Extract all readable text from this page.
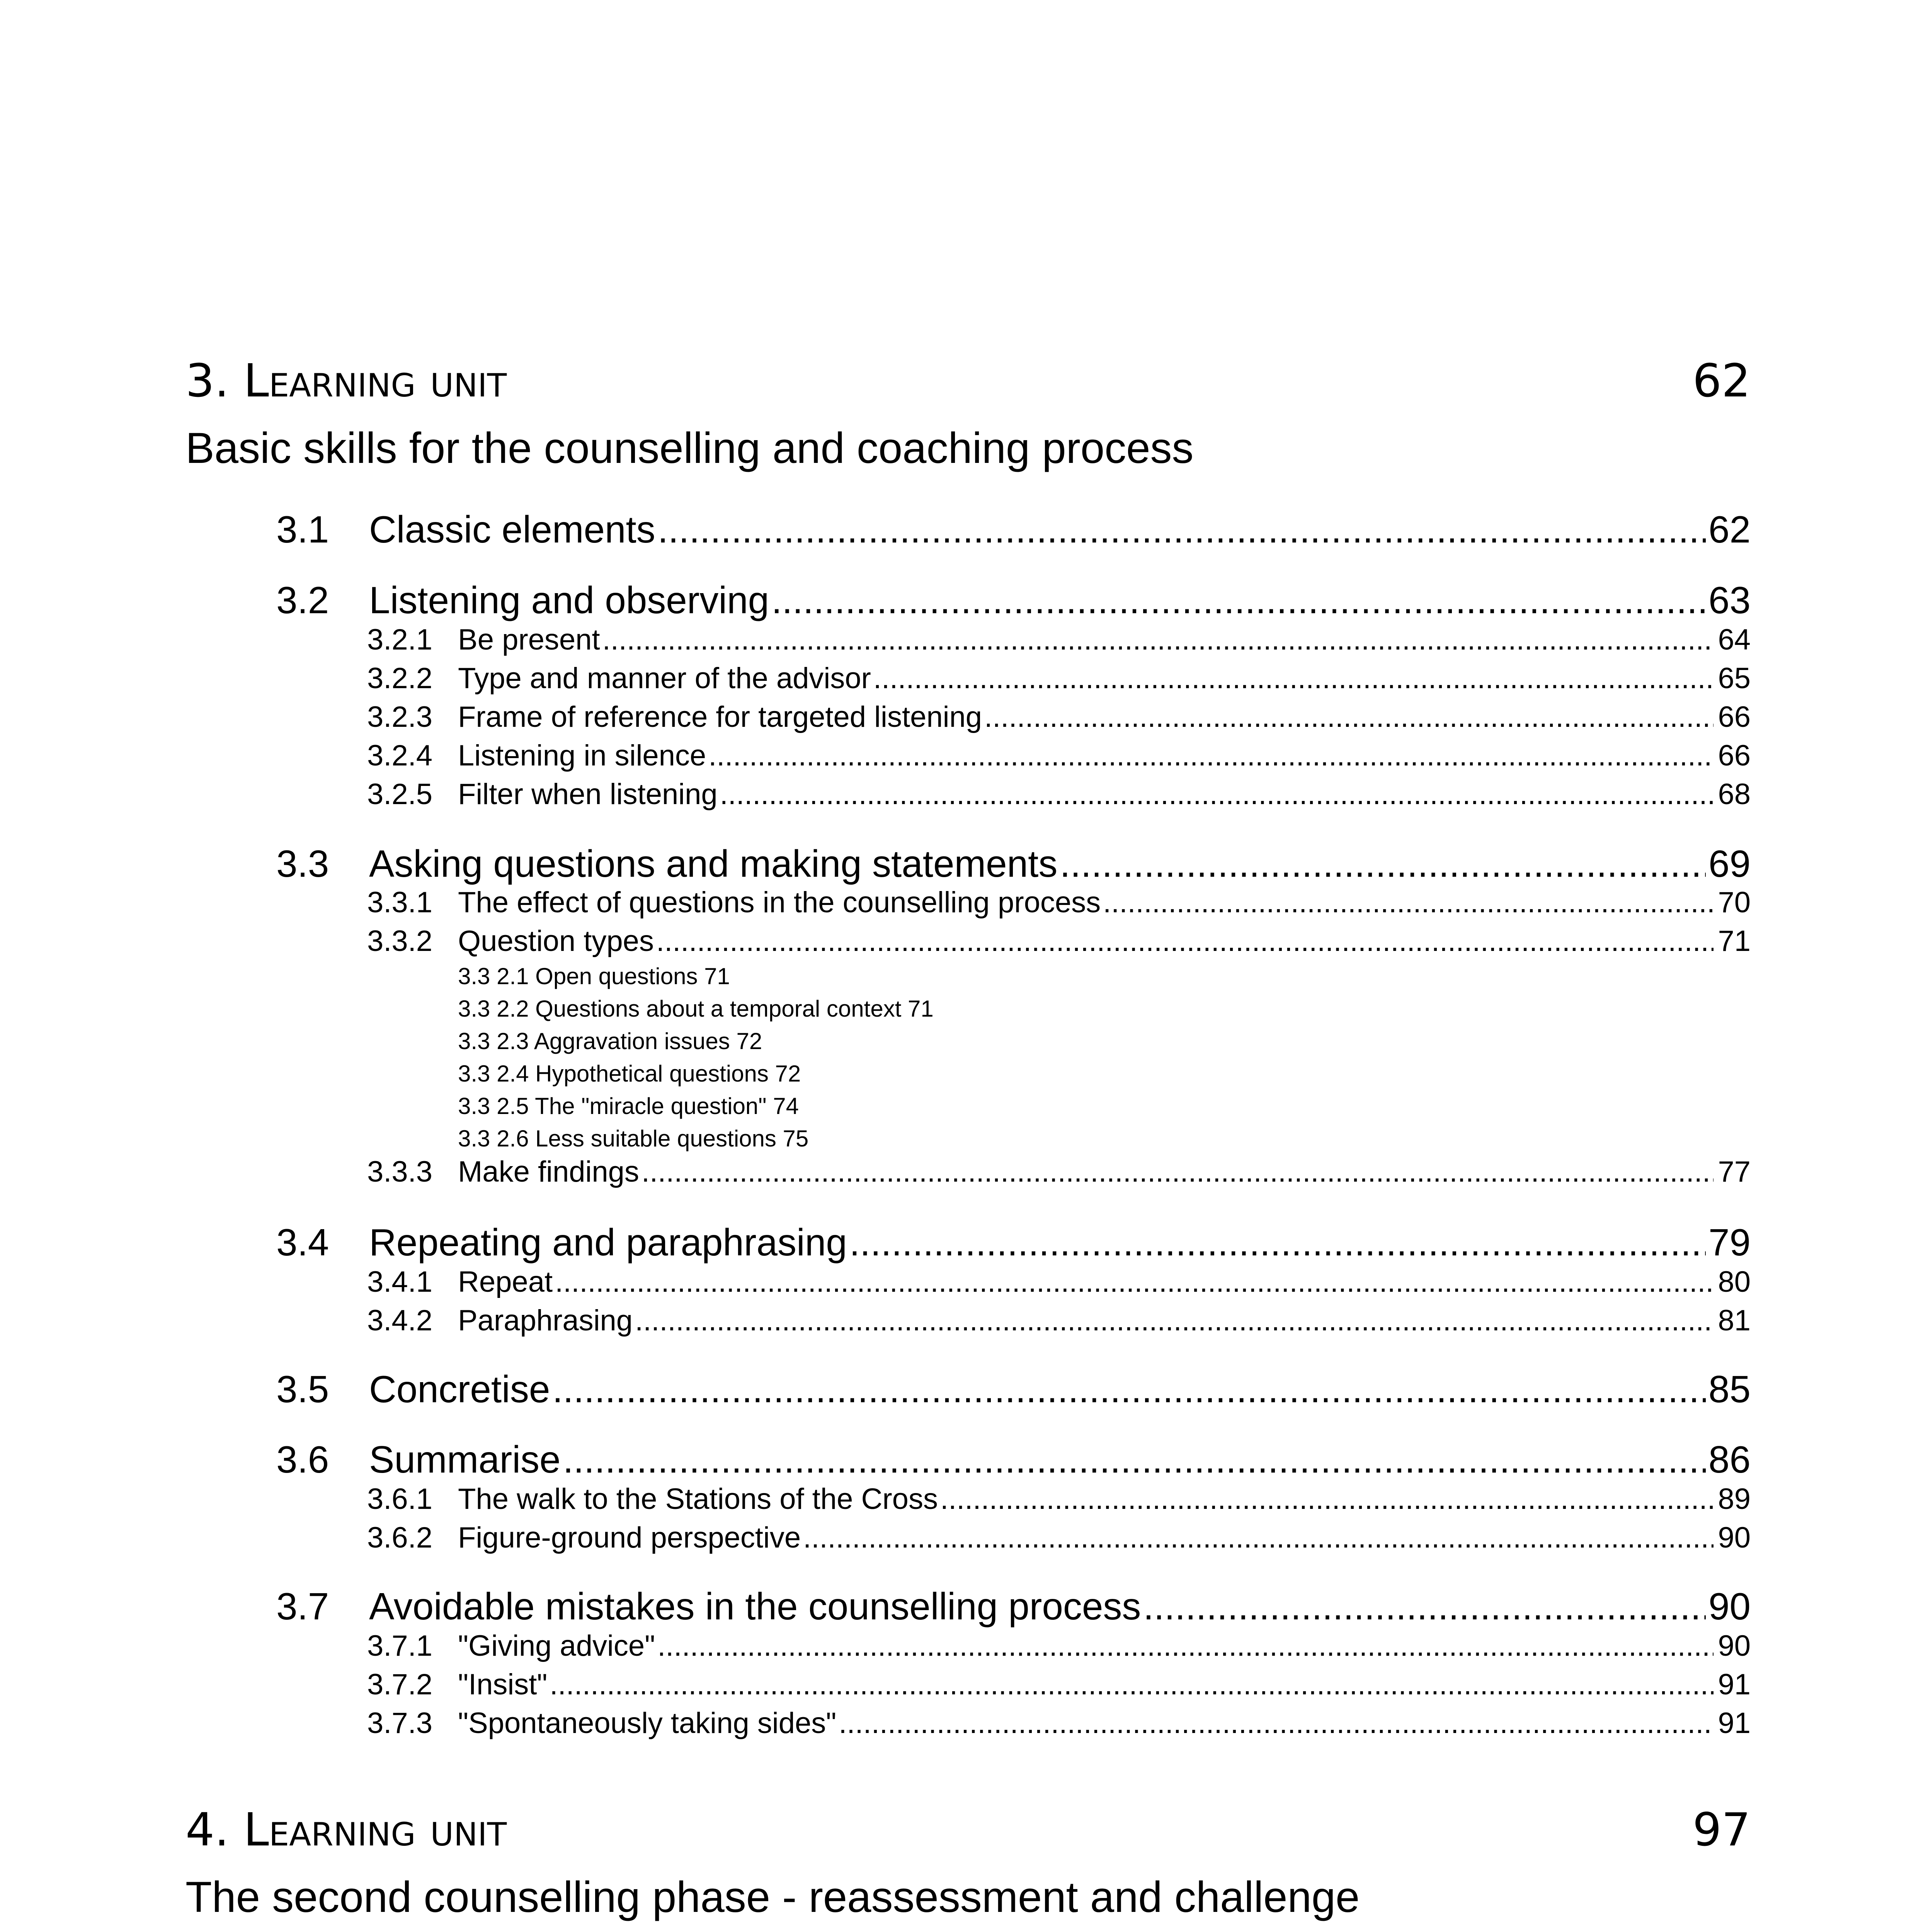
3. Learning unit	62
Basic skills for the counselling and coaching process
3.1	Classic elements .....	62
3.2	Listening and observing .....	63
3.2.1 Be present .....	64
3.2.2 Type and manner of the advisor .....	65
3.2.3 Frame of reference for targeted listening .....	66
3.2.4 Listening in silence .....	66
3.2.5 Filter when listening .....	68
3.3	Asking questions and making statements .....	69
3.3.1 The effect of questions in the counselling process .....	70
3.3.2 Question types .....	71
3.3 2.1 Open questions 71
3.3 2.2 Questions about a temporal context 71
3.3 2.3 Aggravation issues 72
3.3 2.4 Hypothetical questions 72
3.3 2.5 The "miracle question" 74
3.3 2.6 Less suitable questions 75
3.3.3 Make findings .....	77
3.4	Repeating and paraphrasing .....	79
3.4.1 Repeat .....	80
3.4.2 Paraphrasing .....	81
3.5	Concretise .....	85
3.6	Summarise .....	86
3.6.1 The walk to the Stations of the Cross .....	89
3.6.2 Figure-ground perspective .....	90
3.7	Avoidable mistakes in the counselling process .....	90
3.7.1 "Giving advice" .....	90
3.7.2 "Insist" .....	91
3.7.3 "Spontaneously taking sides" .....	91
4. Learning unit	97
The second counselling phase - reassessment and challenge
